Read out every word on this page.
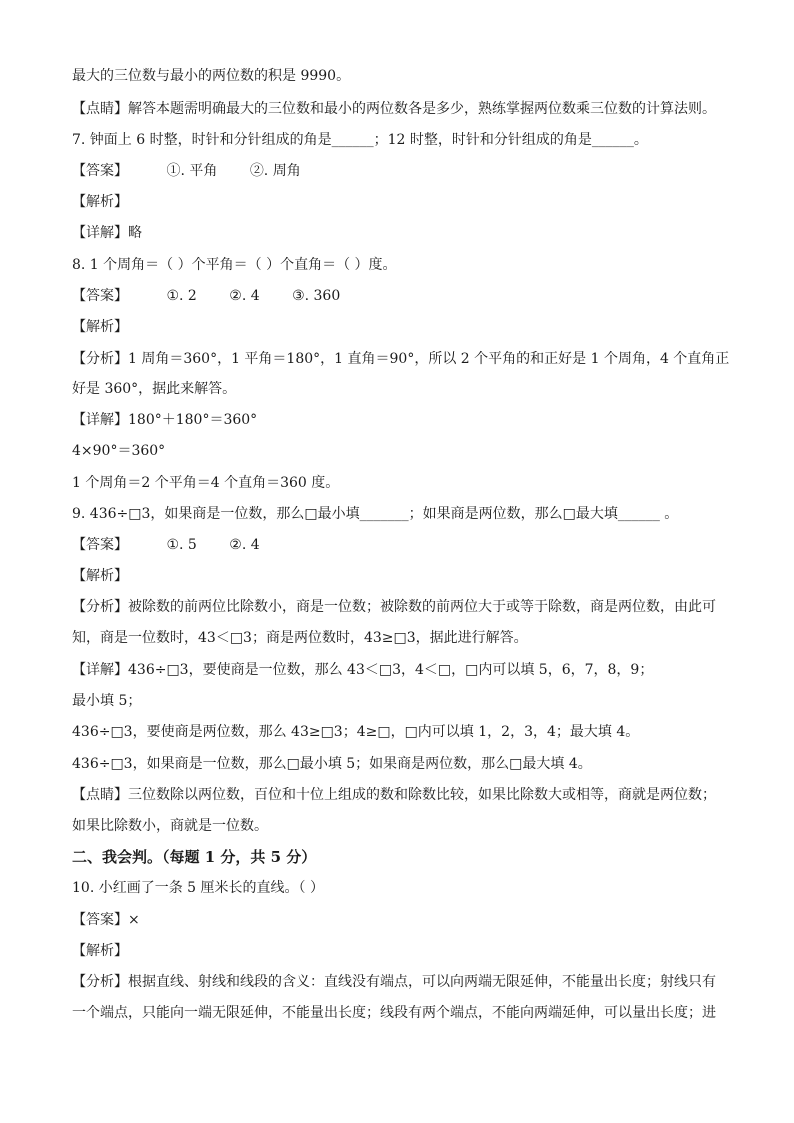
最大的三位数与最小的两位数的积是 9990。
【点睛】解答本题需明确最大的三位数和最小的两位数各是多少，熟练掌握两位数乘三位数的计算法则。
7. 钟面上 6 时整，时针和分针组成的角是______；12 时整，时针和分针组成的角是______。
【答案】	①. 平角 ②. 周角
【解析】
【详解】略
8. 1 个周角＝（ ）个平角＝（ ）个直角＝（ ）度。
【答案】	①. 2 ②. 4 ③. 360
【解析】
【分析】1 周角＝360°，1 平角＝180°，1 直角＝90°，所以 2 个平角的和正好是 1 个周角，4 个直角正
好是 360°，据此来解答。
【详解】180°＋180°＝360°
4×90°＝360°
1 个周角＝2 个平角＝4 个直角＝360 度。
9. 436÷□3，如果商是一位数，那么□最小填_______；如果商是两位数，那么□最大填______ 。
【答案】	①. 5 ②. 4
【解析】
【分析】被除数的前两位比除数小，商是一位数；被除数的前两位大于或等于除数，商是两位数，由此可
知，商是一位数时，43＜□3；商是两位数时，43≥□3，据此进行解答。
【详解】436÷□3，要使商是一位数，那么 43＜□3，4＜□，□内可以填 5，6，7，8，9；
最小填 5；
436÷□3，要使商是两位数，那么 43≥□3；4≥□，□内可以填 1，2，3，4；最大填 4。
436÷□3，如果商是一位数，那么□最小填 5；如果商是两位数，那么□最大填 4。
【点睛】三位数除以两位数，百位和十位上组成的数和除数比较，如果比除数大或相等，商就是两位数；
如果比除数小，商就是一位数。
二、我会判。（每题 1 分，共 5 分）
10. 小红画了一条 5 厘米长的直线。（ ）
【答案】×
【解析】
【分析】根据直线、射线和线段的含义：直线没有端点，可以向两端无限延伸，不能量出长度；射线只有
一个端点，只能向一端无限延伸，不能量出长度；线段有两个端点，不能向两端延伸，可以量出长度；进
